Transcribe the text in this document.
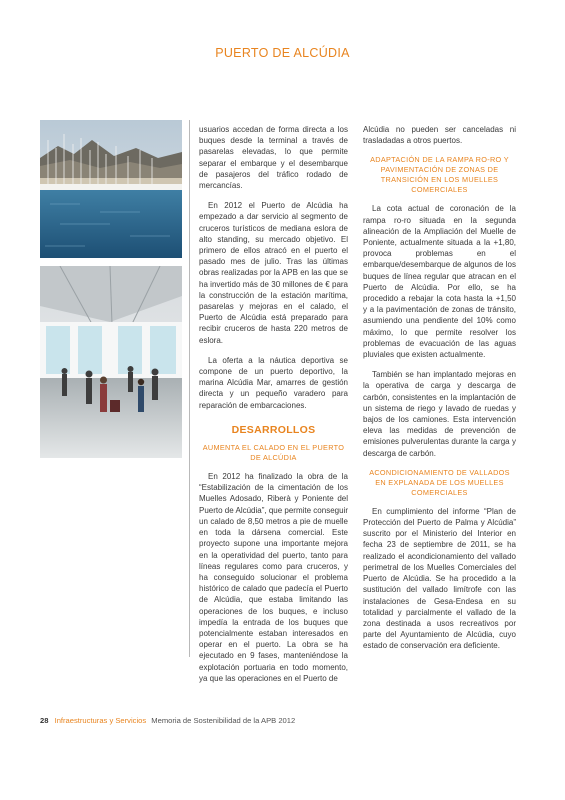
PUERTO DE ALCÚDIA

usuarios accedan de forma directa a los buques desde la terminal a través de pasarelas elevadas, lo que permite separar el embarque y el desembarque de pasajeros del tráfico rodado de mercancías.

En 2012 el Puerto de Alcúdia ha empezado a dar servicio al segmento de cruceros turísticos de mediana eslora de alto standing, su mercado objetivo. El primero de ellos atracó en el puerto el pasado mes de julio. Tras las últimas obras realizadas por la APB en las que se ha invertido más de 30 millones de € para la construcción de la estación marítima, pasarelas y mejoras en el calado, el Puerto de Alcúdia está preparado para recibir cruceros de hasta 220 metros de eslora.

La oferta a la náutica deportiva se compone de un puerto deportivo, la marina Alcúdia Mar, amarres de gestión directa y un pequeño varadero para reparación de embarcaciones.

DESARROLLOS
AUMENTA EL CALADO EN EL PUERTO DE ALCÚDIA

En 2012 ha finalizado la obra de la “Estabilización de la cimentación de los Muelles Adosado, Riberà y Poniente del Puerto de Alcúdia”, que permite conseguir un calado de 8,50 metros a pie de muelle en toda la dársena comercial. Este proyecto supone una importante mejora en la operatividad del puerto, tanto para líneas regulares como para cruceros, y ha conseguido solucionar el problema histórico de calado que padecía el Puerto de Alcúdia, que estaba limitando las operaciones de los buques, e incluso impedía la entrada de los buques que potencialmente estaban interesados en operar en el puerto. La obra se ha ejecutado en 9 fases, manteniéndose la explotación portuaria en todo momento, ya que las operaciones en el Puerto de

Alcúdia no pueden ser canceladas ni trasladadas a otros puertos.

ADAPTACIÓN DE LA RAMPA RO-RO Y PAVIMENTACIÓN DE ZONAS DE TRANSICIÓN EN LOS MUELLES COMERCIALES

La cota actual de coronación de la rampa ro-ro situada en la segunda alineación de la Ampliación del Muelle de Poniente, actualmente situada a la +1,80, provoca problemas en el embarque/desembarque de algunos de los buques de línea regular que atracan en el Puerto de Alcúdia. Por ello, se ha procedido a rebajar la cota hasta la +1,50 y a la pavimentación de zonas de tránsito, asumiendo una pendiente del 10% como máximo, lo que permite resolver los problemas de evacuación de las aguas pluviales que existen actualmente.

También se han implantado mejoras en la operativa de carga y descarga de carbón, consistentes en la implantación de un sistema de riego y lavado de ruedas y bajos de los camiones. Esta intervención eleva las medidas de prevención de emisiones pulverulentas durante la carga y descarga de carbón.

ACONDICIONAMIENTO DE VALLADOS EN EXPLANADA DE LOS MUELLES COMERCIALES

En cumplimiento del informe “Plan de Protección del Puerto de Palma y Alcúdia” suscrito por el Ministerio del Interior en fecha 23 de septiembre de 2011, se ha realizado el acondicionamiento del vallado perimetral de los Muelles Comerciales del Puerto de Alcúdia. Se ha procedido a la sustitución del vallado limítrofe con las instalaciones de Gesa-Endesa en su totalidad y parcialmente el vallado de la zona destinada a usos recreativos por parte del Ayuntamiento de Alcúdia, cuyo estado de conservación era deficiente.

28 Infraestructuras y Servicios Memoria de Sostenibilidad de la APB 2012
